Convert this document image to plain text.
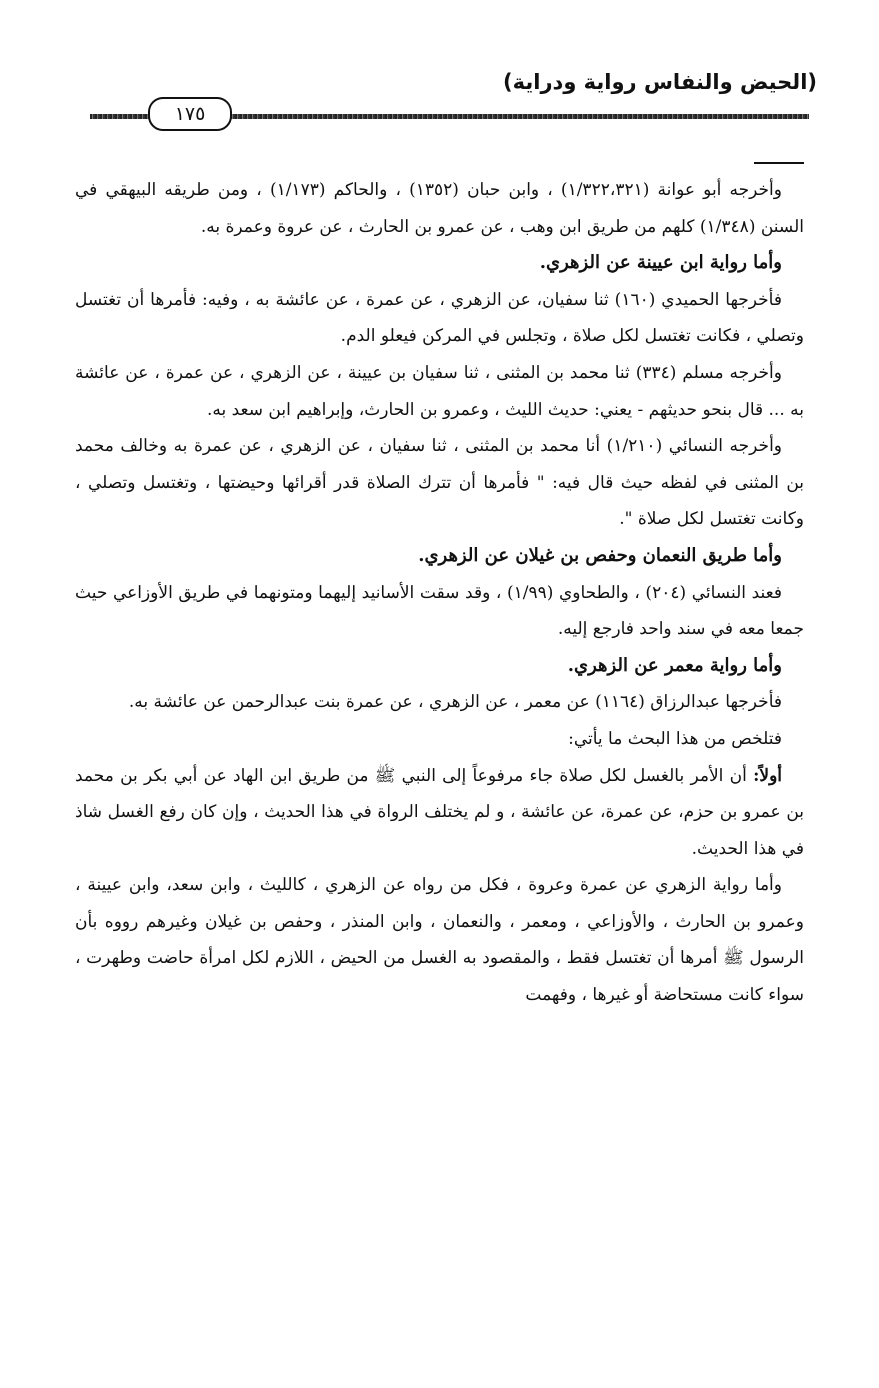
(الحيض والنفاس رواية ودراية)
١٧٥

وأخرجه أبو عوانة (١/٣٢٢،٣٢١) ، وابن حبان (١٣٥٢) ، والحاكم (١/١٧٣) ، ومن طريقه البيهقي في السنن (١/٣٤٨) كلهم من طريق ابن وهب ، عن عمرو بن الحارث ، عن عروة وعمرة به.

وأما رواية ابن عيينة عن الزهري.

فأخرجها الحميدي (١٦٠) ثنا سفيان، عن الزهري ، عن عمرة ، عن عائشة به ، وفيه: فأمرها أن تغتسل وتصلي ، فكانت تغتسل لكل صلاة ، وتجلس في المركن فيعلو الدم.

وأخرجه مسلم (٣٣٤) ثنا محمد بن المثنى ، ثنا سفيان بن عيينة ، عن الزهري ، عن عمرة ، عن عائشة به ... قال بنحو حديثهم - يعني: حديث الليث ، وعمرو بن الحارث، وإبراهيم ابن سعد به.

وأخرجه النسائي (١/٢١٠) أنا محمد بن المثنى ، ثنا سفيان ، عن الزهري ، عن عمرة به وخالف محمد بن المثنى في لفظه حيث قال فيه: " فأمرها أن تترك الصلاة قدر أقرائها وحيضتها ، وتغتسل وتصلي ، وكانت تغتسل لكل صلاة ".

وأما طريق النعمان وحفص بن غيلان عن الزهري.

فعند النسائي (٢٠٤) ، والطحاوي (١/٩٩) ، وقد سقت الأسانيد إليهما ومتونهما في طريق الأوزاعي حيث جمعا معه في سند واحد فارجع إليه.

وأما رواية معمر عن الزهري.

فأخرجها عبدالرزاق (١١٦٤) عن معمر ، عن الزهري ، عن عمرة بنت عبدالرحمن عن عائشة به.

فتلخص من هذا البحث ما يأتي:

أولاً: أن الأمر بالغسل لكل صلاة جاء مرفوعاً إلى النبي ﷺ من طريق ابن الهاد عن أبي بكر بن محمد بن عمرو بن حزم، عن عمرة، عن عائشة ، و لم يختلف الرواة في هذا الحديث ، وإن كان رفع الغسل شاذ في هذا الحديث.

وأما رواية الزهري عن عمرة وعروة ، فكل من رواه عن الزهري ، كالليث ، وابن سعد، وابن عيينة ، وعمرو بن الحارث ، والأوزاعي ، ومعمر ، والنعمان ، وابن المنذر ، وحفص بن غيلان وغيرهم رووه بأن الرسول ﷺ أمرها أن تغتسل فقط ، والمقصود به الغسل من الحيض ، اللازم لكل امرأة حاضت وطهرت ، سواء كانت مستحاضة أو غيرها ، وفهمت
